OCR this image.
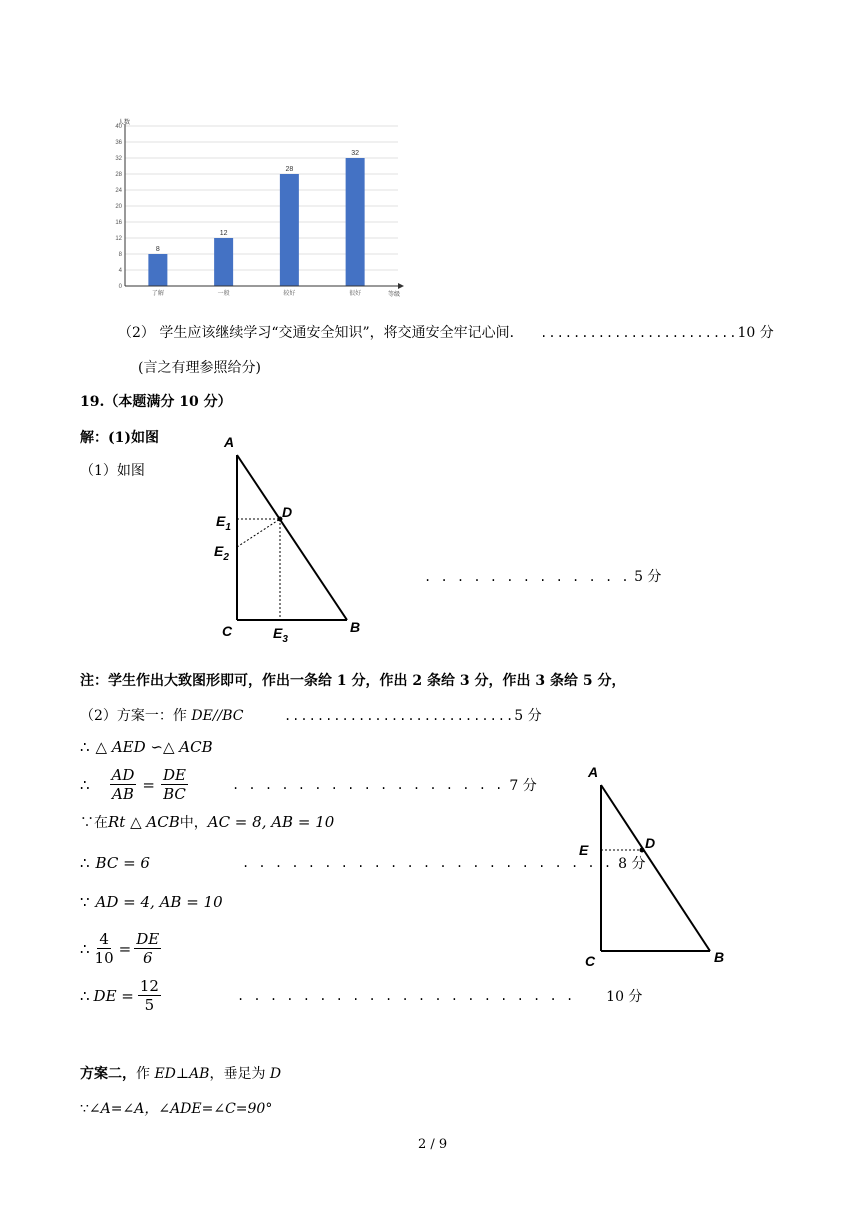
0
4
8
12
16
20
24
28
32
36
40
8
了解
12
一般
28
较好
32
很好
人数
等级
（2） 学生应该继续学习“交通安全知识”，将交通安全牢记心间． ........................10 分
(言之有理参照给分)
19.（本题满分 10 分）
解：(1)如图
（1）如图
A
D
$E_1$
$E_2$
C	$E_3$
B
. . . . . . . . . . . . . 5 分
注：学生作出大致图形即可，作出一条给 1 分，作出 2 条给 3 分，作出 3 条给 5 分，
（2）方案一：作 DE//BC	............................5 分
∴ △ AED ∽△ ACB
∴ $\frac{AD}{AB} = \frac{DE}{BC}$	. . . . . . . . . . . . . . . . . 7 分
∵在 Rt △ ACB 中， AC = 8, AB = 10
∴ BC = 6	. . . . . . . . . . . . . . . . . . . . . . . 8 分
∵ AD = 4, AB = 10
∴ $\frac{4}{10} = \frac{DE}{6}$
∴ DE = $\frac{12}{5}$	. . . . . . . . . . . . . . . . . . . . . 10 分
A
D
E
C	B
方案二，作 ED⊥AB，垂足为 D
∵∠A=∠A，∠ADE=∠C=90°
2 / 9
